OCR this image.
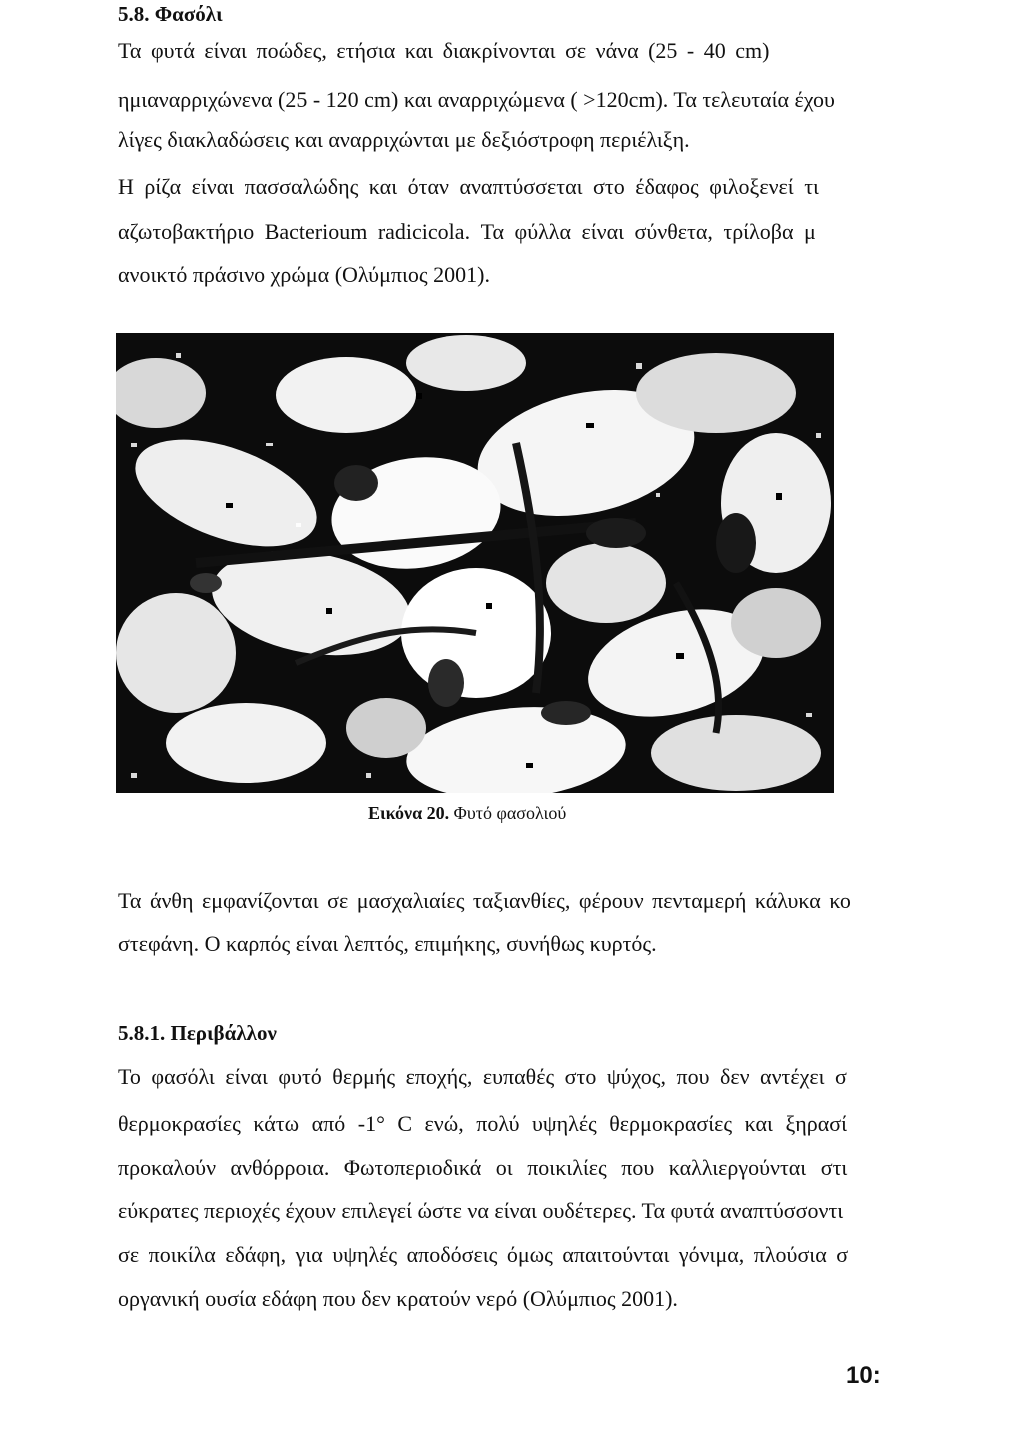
5.8. Φασόλι
Τα φυτά είναι ποώδες, ετήσια και διακρίνονται σε νάνα (25 - 40 cm)
ημιαναρριχώνενα (25 - 120 cm) και αναρριχώμενα ( >120cm). Τα τελευταία έχου
λίγες διακλαδώσεις και αναρριχώνται με δεξιόστροφη περιέλιξη.
Η ρίζα είναι πασσαλώδης και όταν αναπτύσσεται στο έδαφος φιλοξενεί τι
αζωτοβακτήριο Bacterioum radicicola. Τα φύλλα είναι σύνθετα, τρίλοβα μ
ανοικτό πράσινο χρώμα (Ολύμπιος 2001).
Εικόνα 20. Φυτό φασολιού
Τα άνθη εμφανίζονται σε μασχαλιαίες ταξιανθίες, φέρουν πενταμερή κάλυκα κο
στεφάνη. Ο καρπός είναι λεπτός, επιμήκης, συνήθως κυρτός.
5.8.1. Περιβάλλον
Το φασόλι είναι φυτό θερμής εποχής, ευπαθές στο ψύχος, που δεν αντέχει σ
θερμοκρασίες κάτω από -1° C ενώ, πολύ υψηλές θερμοκρασίες και ξηρασί
προκαλούν ανθόρροια. Φωτοπεριοδικά οι ποικιλίες που καλλιεργούνται στι
εύκρατες περιοχές έχουν επιλεγεί ώστε να είναι ουδέτερες. Τα φυτά αναπτύσσοντι
σε ποικίλα εδάφη, για υψηλές αποδόσεις όμως απαιτούνται γόνιμα, πλούσια σ
οργανική ουσία εδάφη που δεν κρατούν νερό (Ολύμπιος 2001).
10:
